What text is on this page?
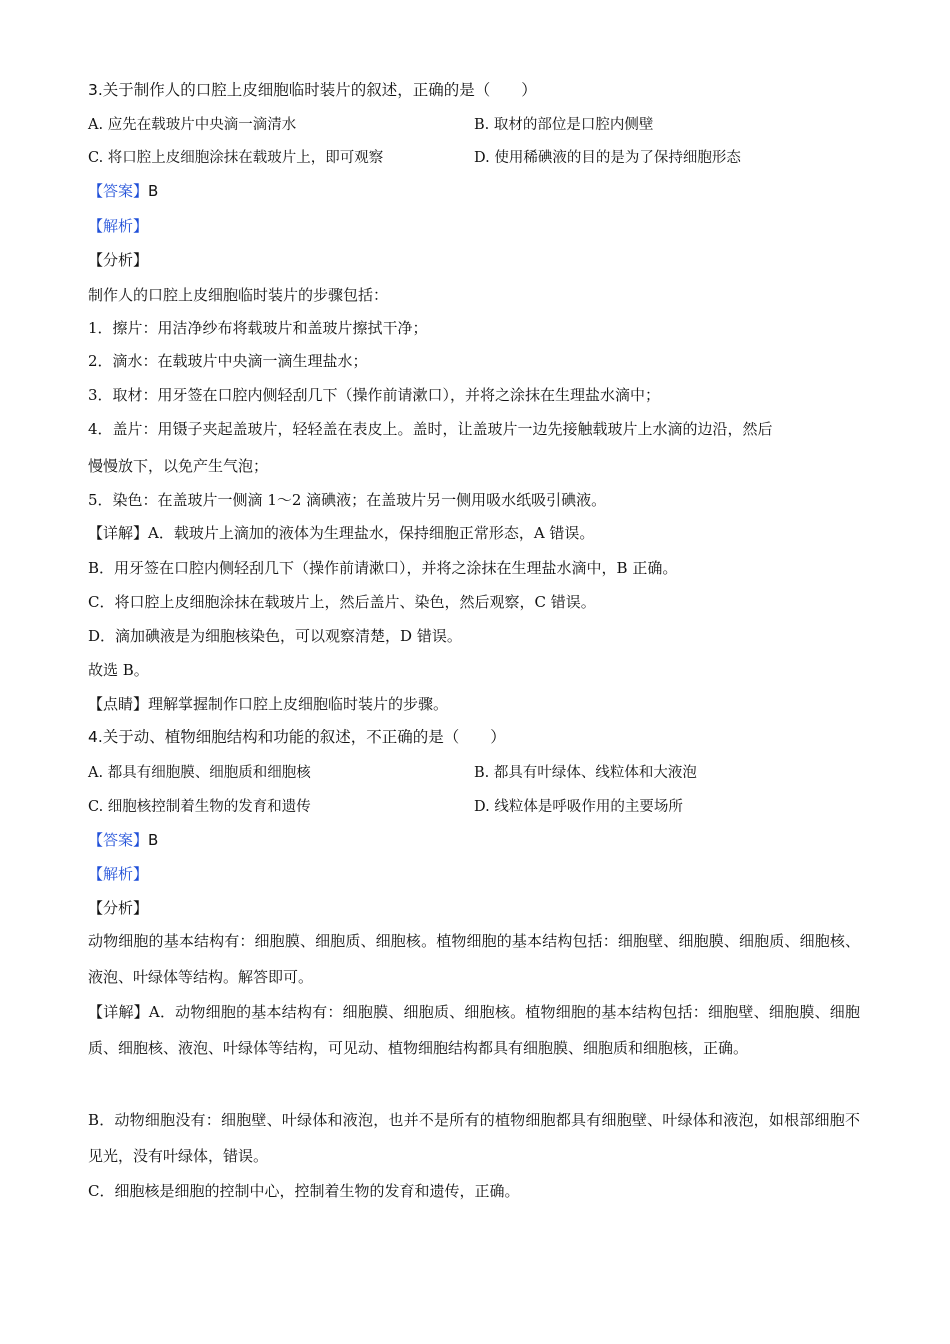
3.关于制作人的口腔上皮细胞临时装片的叙述，正确的是（　　）
A. 应先在载玻片中央滴一滴清水	B. 取材的部位是口腔内侧壁
C. 将口腔上皮细胞涂抹在载玻片上，即可观察	D. 使用稀碘液的目的是为了保持细胞形态
【答案】B
【解析】
【分析】
制作人的口腔上皮细胞临时装片的步骤包括：
1．擦片：用洁净纱布将载玻片和盖玻片擦拭干净；
2．滴水：在载玻片中央滴一滴生理盐水；
3．取材：用牙签在口腔内侧轻刮几下（操作前请漱口），并将之涂抹在生理盐水滴中；
4．盖片：用镊子夹起盖玻片，轻轻盖在表皮上。盖时，让盖玻片一边先接触载玻片上水滴的边沿，然后
慢慢放下，以免产生气泡；
5．染色：在盖玻片一侧滴 1～2 滴碘液；在盖玻片另一侧用吸水纸吸引碘液。
【详解】A．载玻片上滴加的液体为生理盐水，保持细胞正常形态，A 错误。
B．用牙签在口腔内侧轻刮几下（操作前请漱口），并将之涂抹在生理盐水滴中，B 正确。
C．将口腔上皮细胞涂抹在载玻片上，然后盖片、染色，然后观察，C 错误。
D．滴加碘液是为细胞核染色，可以观察清楚，D 错误。
故选 B。
【点睛】理解掌握制作口腔上皮细胞临时装片的步骤。
4.关于动、植物细胞结构和功能的叙述，不正确的是（　　）
A. 都具有细胞膜、细胞质和细胞核	B. 都具有叶绿体、线粒体和大液泡
C. 细胞核控制着生物的发育和遗传	D. 线粒体是呼吸作用的主要场所
【答案】B
【解析】
【分析】
动物细胞的基本结构有：细胞膜、细胞质、细胞核。植物细胞的基本结构包括：细胞壁、细胞膜、细胞质、细胞核、液泡、叶绿体等结构。解答即可。
【详解】A．动物细胞的基本结构有：细胞膜、细胞质、细胞核。植物细胞的基本结构包括：细胞壁、细胞膜、细胞质、细胞核、液泡、叶绿体等结构，可见动、植物细胞结构都具有细胞膜、细胞质和细胞核，正确。
B．动物细胞没有：细胞壁、叶绿体和液泡，也并不是所有的植物细胞都具有细胞壁、叶绿体和液泡，如根部细胞不见光，没有叶绿体，错误。
C．细胞核是细胞的控制中心，控制着生物的发育和遗传，正确。
